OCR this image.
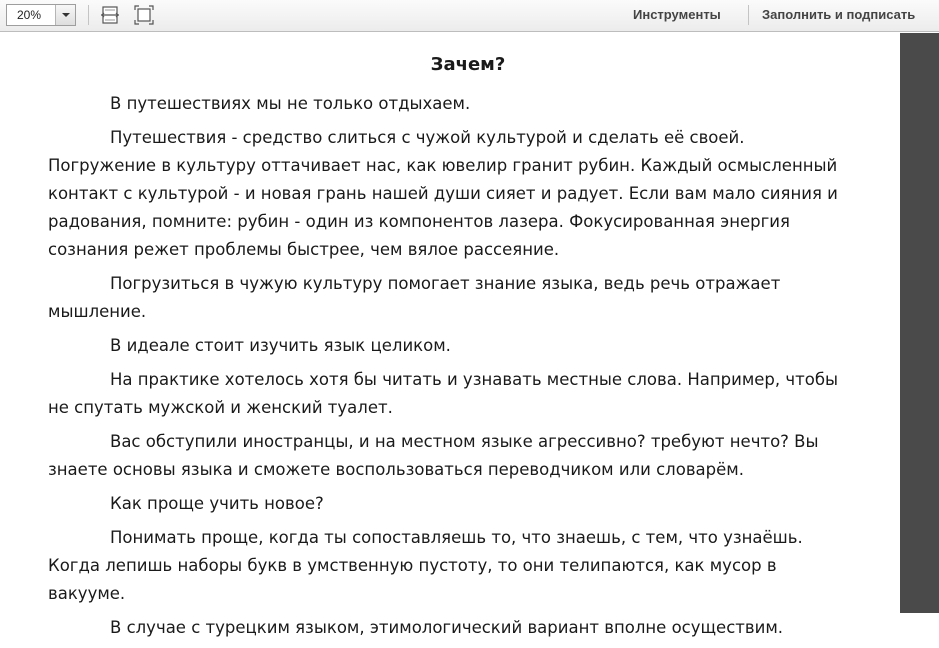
20%	Инструменты	Заполнить и подписать
Зачем?

В путешествиях мы не только отдыхаем.

Путешествия - средство слиться с чужой культурой и сделать её своей. Погружение в культуру оттачивает нас, как ювелир гранит рубин. Каждый осмысленный контакт с культурой - и новая грань нашей души сияет и радует. Если вам мало сияния и радования, помните: рубин - один из компонентов лазера. Фокусированная энергия сознания режет проблемы быстрее, чем вялое рассеяние.

Погрузиться в чужую культуру помогает знание языка, ведь речь отражает мышление.

В идеале стоит изучить язык целиком.

На практике хотелось хотя бы читать и узнавать местные слова. Например, чтобы не спутать мужской и женский туалет.

Вас обступили иностранцы, и на местном языке агрессивно? требуют нечто? Вы знаете основы языка и сможете воспользоваться переводчиком или словарём.

Как проще учить новое?

Понимать проще, когда ты сопоставляешь то, что знаешь, с тем, что узнаёшь. Когда лепишь наборы букв в умственную пустоту, то они телипаются, как мусор в вакууме.

В случае с турецким языком, этимологический вариант вполне осуществим.
